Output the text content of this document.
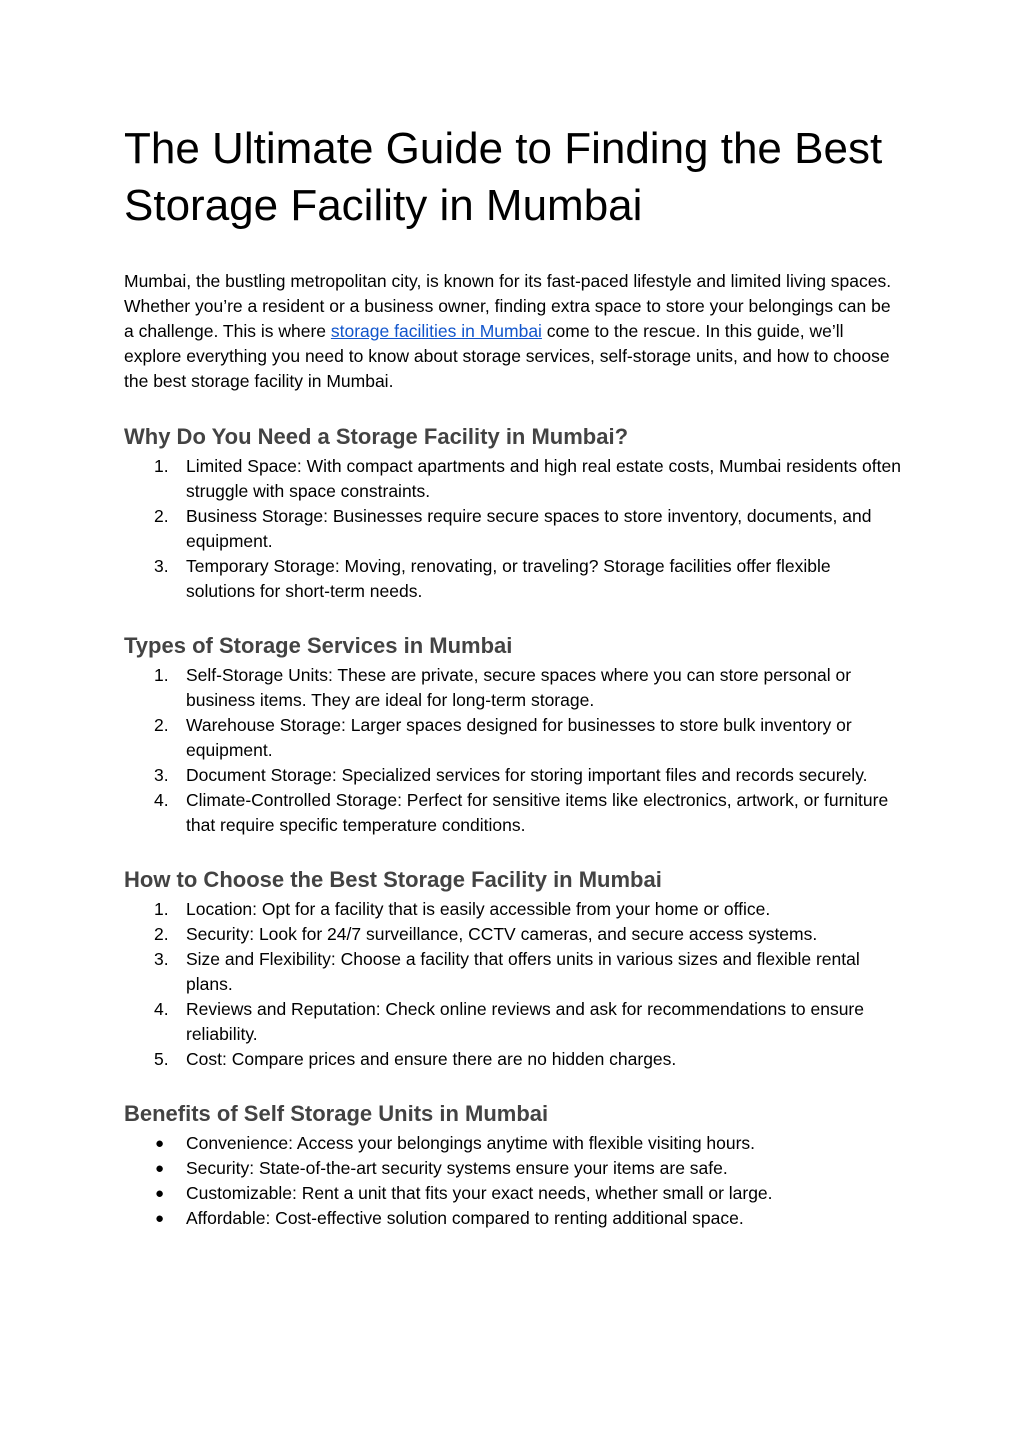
The Ultimate Guide to Finding the Best Storage Facility in Mumbai

Mumbai, the bustling metropolitan city, is known for its fast-paced lifestyle and limited living spaces. Whether you’re a resident or a business owner, finding extra space to store your belongings can be a challenge. This is where storage facilities in Mumbai come to the rescue. In this guide, we’ll explore everything you need to know about storage services, self-storage units, and how to choose the best storage facility in Mumbai.

Why Do You Need a Storage Facility in Mumbai?
1. Limited Space: With compact apartments and high real estate costs, Mumbai residents often struggle with space constraints.
2. Business Storage: Businesses require secure spaces to store inventory, documents, and equipment.
3. Temporary Storage: Moving, renovating, or traveling? Storage facilities offer flexible solutions for short-term needs.
Types of Storage Services in Mumbai
1. Self-Storage Units: These are private, secure spaces where you can store personal or business items. They are ideal for long-term storage.
2. Warehouse Storage: Larger spaces designed for businesses to store bulk inventory or equipment.
3. Document Storage: Specialized services for storing important files and records securely.
4. Climate-Controlled Storage: Perfect for sensitive items like electronics, artwork, or furniture that require specific temperature conditions.
How to Choose the Best Storage Facility in Mumbai
1. Location: Opt for a facility that is easily accessible from your home or office.
2. Security: Look for 24/7 surveillance, CCTV cameras, and secure access systems.
3. Size and Flexibility: Choose a facility that offers units in various sizes and flexible rental plans.
4. Reviews and Reputation: Check online reviews and ask for recommendations to ensure reliability.
5. Cost: Compare prices and ensure there are no hidden charges.
Benefits of Self Storage Units in Mumbai
● Convenience: Access your belongings anytime with flexible visiting hours.
● Security: State-of-the-art security systems ensure your items are safe.
● Customizable: Rent a unit that fits your exact needs, whether small or large.
● Affordable: Cost-effective solution compared to renting additional space.
